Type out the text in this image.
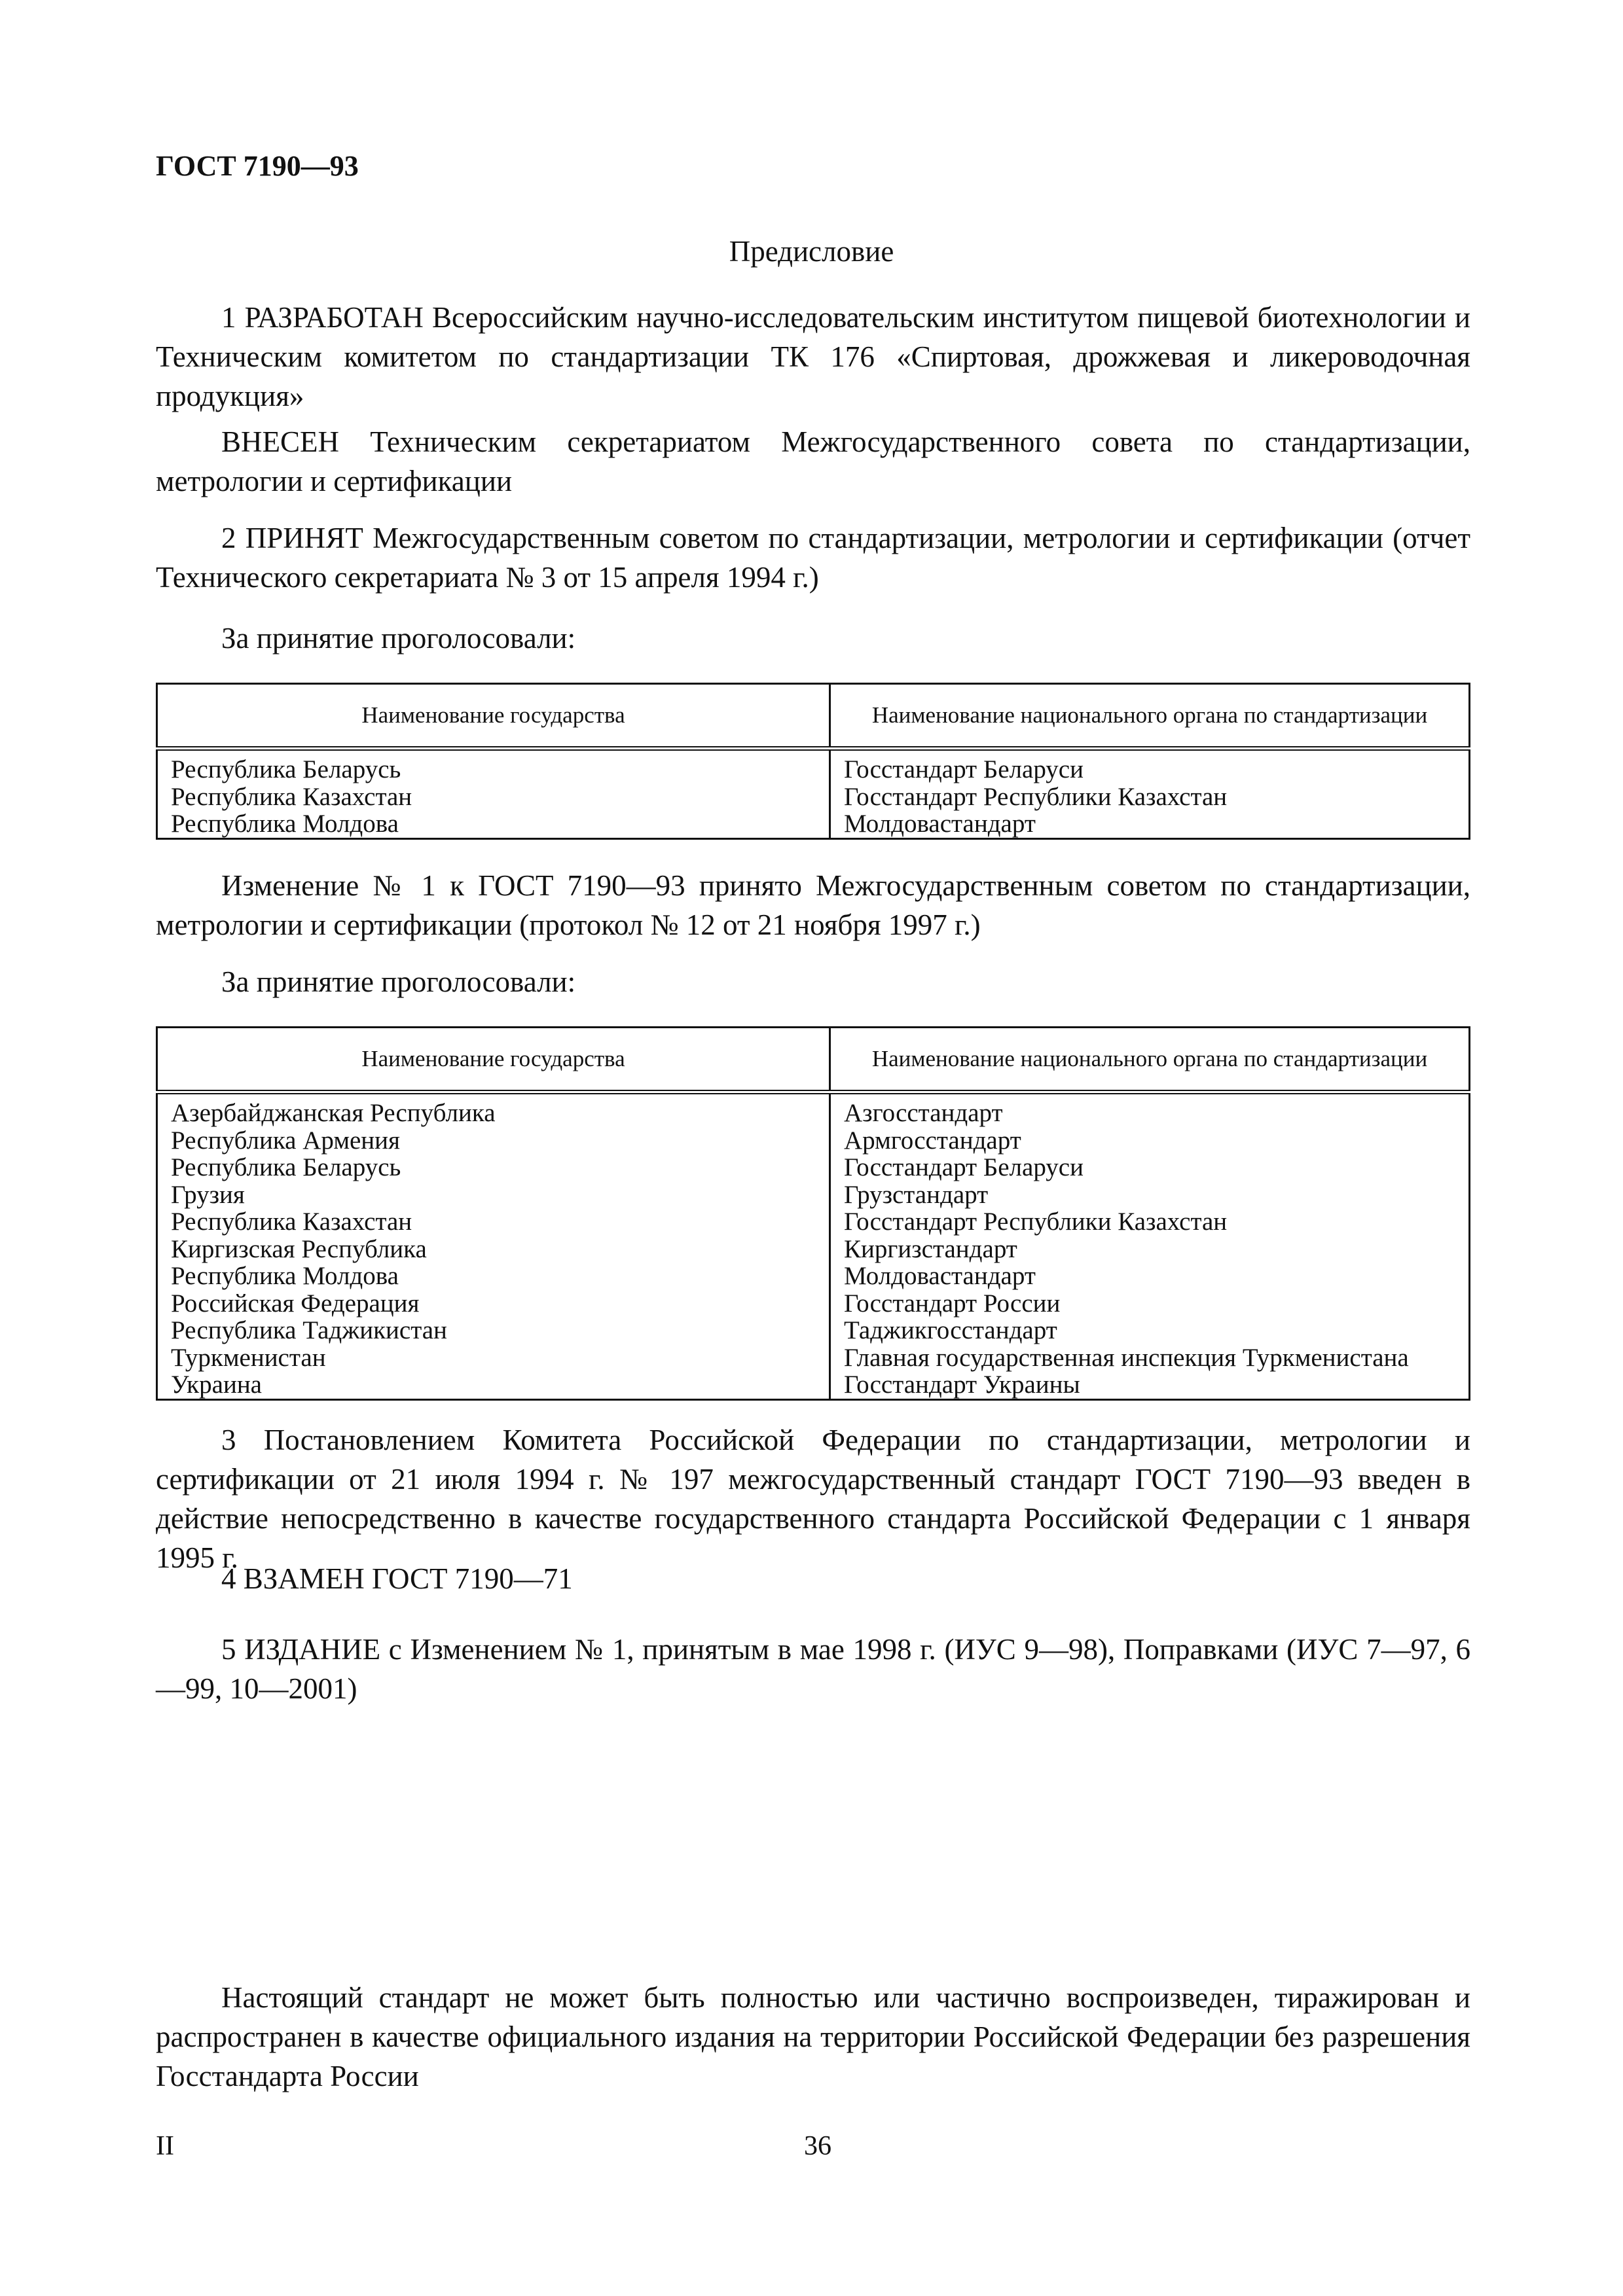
ГОСТ 7190—93
Предисловие
1 РАЗРАБОТАН Всероссийским научно-исследовательским институтом пищевой биотехнологии и Техническим комитетом по стандартизации ТК 176 «Спиртовая, дрожжевая и ликероводочная продукция»
ВНЕСЕН Техническим секретариатом Межгосударственного совета по стандартизации, метрологии и сертификации
2 ПРИНЯТ Межгосударственным советом по стандартизации, метрологии и сертификации (отчет Технического секретариата № 3 от 15 апреля 1994 г.)
За принятие проголосовали:
Наименование государства	Наименование национального органа по стандартизации
Республика Беларусь	Госстандарт Беларуси
Республика Казахстан	Госстандарт Республики Казахстан
Республика Молдова	Молдовастандарт
Изменение № 1 к ГОСТ 7190—93 принято Межгосударственным советом по стандартизации, метрологии и сертификации (протокол № 12 от 21 ноября 1997 г.)
За принятие проголосовали:
Наименование государства	Наименование национального органа по стандартизации
Азербайджанская Республика	Азгосстандарт
Республика Армения	Армгосстандарт
Республика Беларусь	Госстандарт Беларуси
Грузия	Грузстандарт
Республика Казахстан	Госстандарт Республики Казахстан
Киргизская Республика	Киргизстандарт
Республика Молдова	Молдовастандарт
Российская Федерация	Госстандарт России
Республика Таджикистан	Таджикгосстандарт
Туркменистан	Главная государственная инспекция Туркменистана
Украина	Госстандарт Украины
3 Постановлением Комитета Российской Федерации по стандартизации, метрологии и сертификации от 21 июля 1994 г. № 197 межгосударственный стандарт ГОСТ 7190—93 введен в действие непосредственно в качестве государственного стандарта Российской Федерации с 1 января 1995 г.
4 ВЗАМЕН ГОСТ 7190—71
5 ИЗДАНИЕ с Изменением № 1, принятым в мае 1998 г. (ИУС 9—98), Поправками (ИУС 7—97, 6—99, 10—2001)
Настоящий стандарт не может быть полностью или частично воспроизведен, тиражирован и распространен в качестве официального издания на территории Российской Федерации без разрешения Госстандарта России
II	36
